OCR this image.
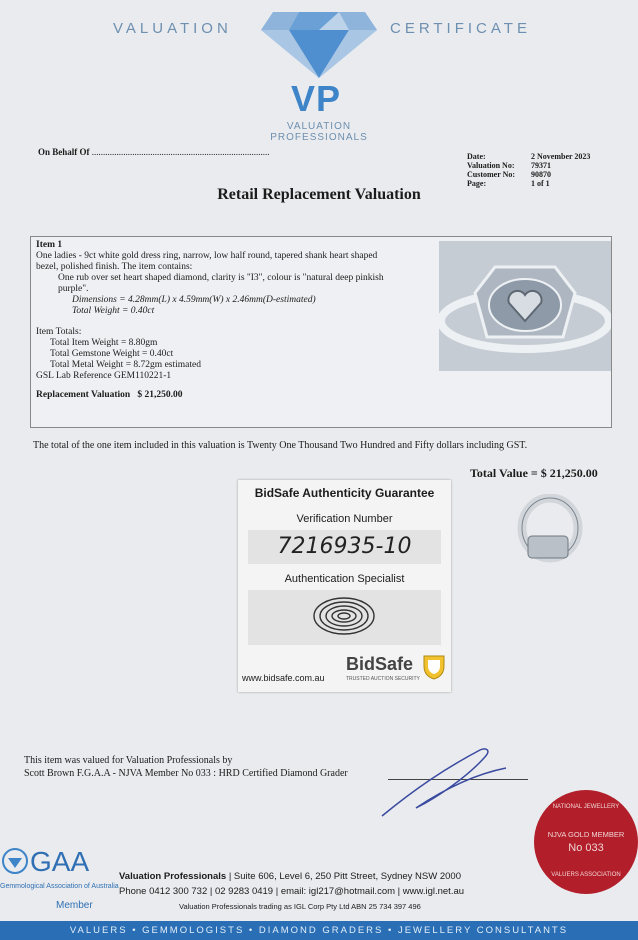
VALUATION	CERTIFICATE
VP
VALUATION
PROFESSIONALS
On Behalf Of ...............................................................................	Date:
Valuation No:
Customer No:
Page:
2 November 2023
79371
90870
1 of 1
Retail Replacement Valuation
Item 1
One ladies - 9ct white gold dress ring, narrow, low half round, tapered shank heart shaped
bezel, polished finish. The item contains:
One rub over set heart shaped diamond, clarity is "I3", colour is "natural deep pinkish
purple".
Dimensions = 4.28mm(L) x 4.59mm(W) x 2.46mm(D-estimated)
Total Weight = 0.40ct
Item Totals:
Total Item Weight = 8.80gm
Total Gemstone Weight = 0.40ct
Total Metal Weight = 8.72gm estimated
GSL Lab Reference GEM110221-1
Replacement Valuation $ 21,250.00
The total of the one item included in this valuation is Twenty One Thousand Two Hundred and Fifty dollars including GST.
Total Value = $ 21,250.00
BidSafe Authenticity Guarantee
Verification Number
7216935-10
Authentication Specialist
www.bidsafe.com.au
BidSafe
TRUSTED AUCTION SECURITY
This item was valued for Valuation Professionals by
Scott Brown F.G.A.A - NJVA Member No 033 : HRD Certified Diamond Grader
GAA
Gemmological Association of Australia
Member
Valuation Professionals | Suite 606, Level 6, 250 Pitt Street, Sydney NSW 2000
Phone 0412 300 732 | 02 9283 0419 | email: igl217@hotmail.com | www.igl.net.au
Valuation Professionals trading as IGL Corp Pty Ltd ABN 25 734 397 496
NATIONAL JEWELLERY
NJVA GOLD MEMBER
No 033
VALUERS ASSOCIATION
VALUERS • GEMMOLOGISTS • DIAMOND GRADERS • JEWELLERY CONSULTANTS
